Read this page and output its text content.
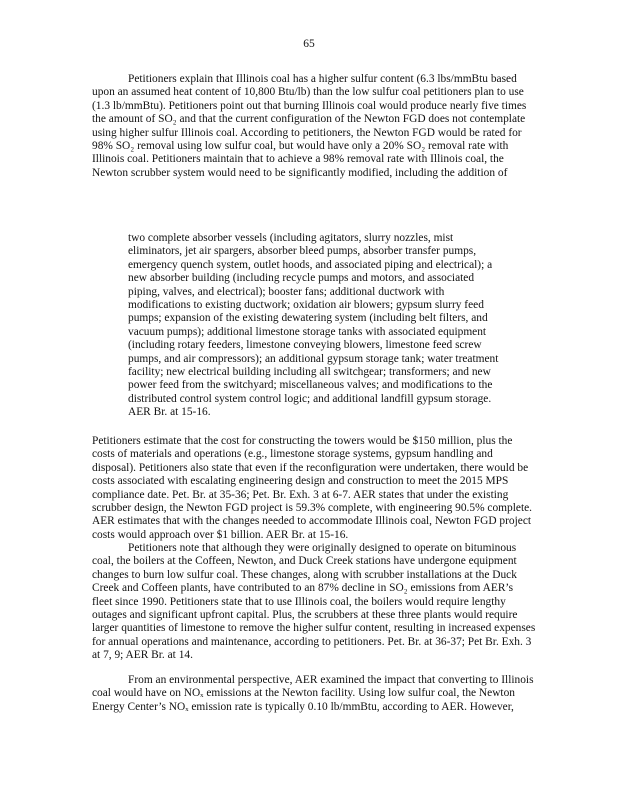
65
Petitioners explain that Illinois coal has a higher sulfur content (6.3 lbs/mmBtu based
upon an assumed heat content of 10,800 Btu/lb) than the low sulfur coal petitioners plan to use
(1.3 lb/mmBtu). Petitioners point out that burning Illinois coal would produce nearly five times
the amount of SO₂ and that the current configuration of the Newton FGD does not contemplate
using higher sulfur Illinois coal. According to petitioners, the Newton FGD would be rated for
98% SO₂ removal using low sulfur coal, but would have only a 20% SO₂ removal rate with
Illinois coal. Petitioners maintain that to achieve a 98% removal rate with Illinois coal, the
Newton scrubber system would need to be significantly modified, including the addition of
two complete absorber vessels (including agitators, slurry nozzles, mist
eliminators, jet air spargers, absorber bleed pumps, absorber transfer pumps,
emergency quench system, outlet hoods, and associated piping and electrical); a
new absorber building (including recycle pumps and motors, and associated
piping, valves, and electrical); booster fans; additional ductwork with
modifications to existing ductwork; oxidation air blowers; gypsum slurry feed
pumps; expansion of the existing dewatering system (including belt filters, and
vacuum pumps); additional limestone storage tanks with associated equipment
(including rotary feeders, limestone conveying blowers, limestone feed screw
pumps, and air compressors); an additional gypsum storage tank; water treatment
facility; new electrical building including all switchgear; transformers; and new
power feed from the switchyard; miscellaneous valves; and modifications to the
distributed control system control logic; and additional landfill gypsum storage.
AER Br. at 15-16.
Petitioners estimate that the cost for constructing the towers would be $150 million, plus the
costs of materials and operations (e.g., limestone storage systems, gypsum handling and
disposal). Petitioners also state that even if the reconfiguration were undertaken, there would be
costs associated with escalating engineering design and construction to meet the 2015 MPS
compliance date. Pet. Br. at 35-36; Pet. Br. Exh. 3 at 6-7. AER states that under the existing
scrubber design, the Newton FGD project is 59.3% complete, with engineering 90.5% complete.
AER estimates that with the changes needed to accommodate Illinois coal, Newton FGD project
costs would approach over $1 billion. AER Br. at 15-16.
Petitioners note that although they were originally designed to operate on bituminous
coal, the boilers at the Coffeen, Newton, and Duck Creek stations have undergone equipment
changes to burn low sulfur coal. These changes, along with scrubber installations at the Duck
Creek and Coffeen plants, have contributed to an 87% decline in SO₂ emissions from AER’s
fleet since 1990. Petitioners state that to use Illinois coal, the boilers would require lengthy
outages and significant upfront capital. Plus, the scrubbers at these three plants would require
larger quantities of limestone to remove the higher sulfur content, resulting in increased expenses
for annual operations and maintenance, according to petitioners. Pet. Br. at 36-37; Pet Br. Exh. 3
at 7, 9; AER Br. at 14.
From an environmental perspective, AER examined the impact that converting to Illinois
coal would have on NOₓ emissions at the Newton facility. Using low sulfur coal, the Newton
Energy Center’s NOₓ emission rate is typically 0.10 lb/mmBtu, according to AER. However,
